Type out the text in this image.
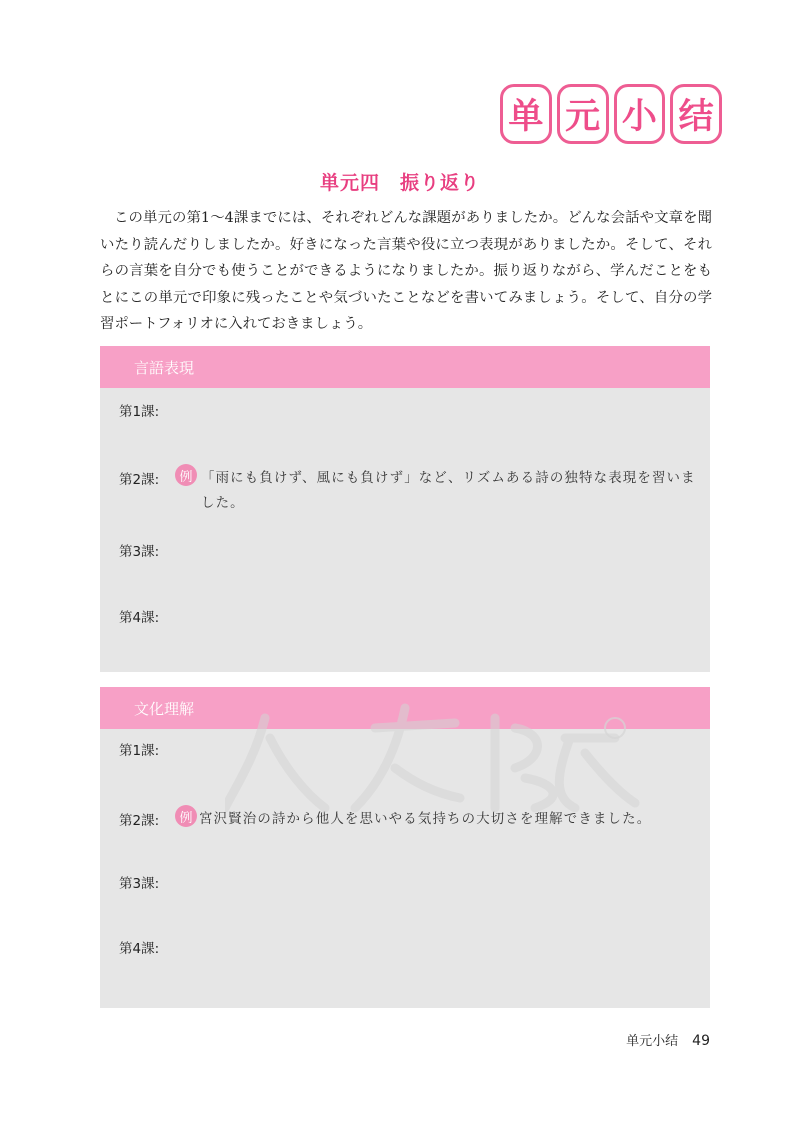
单 元 小 结
単元四　振り返り
この単元の第1～4課までには、それぞれどんな課題がありましたか。どんな会話や文章を聞いたり読んだりしましたか。好きになった言葉や役に立つ表現がありましたか。そして、それらの言葉を自分でも使うことができるようになりましたか。振り返りながら、学んだことをもとにこの単元で印象に残ったことや気づいたことなどを書いてみましょう。そして、自分の学習ポートフォリオに入れておきましょう。
言語表現
第1課:
第2課:	例 「雨にも負けず、風にも負けず」など、リズムある詩の独特な表現を習いました。
第3課:
第4課:
文化理解
第1課:
第2課:	例 宮沢賢治の詩から他人を思いやる気持ちの大切さを理解できました。
第3課:
第4課:
单元小结 49
